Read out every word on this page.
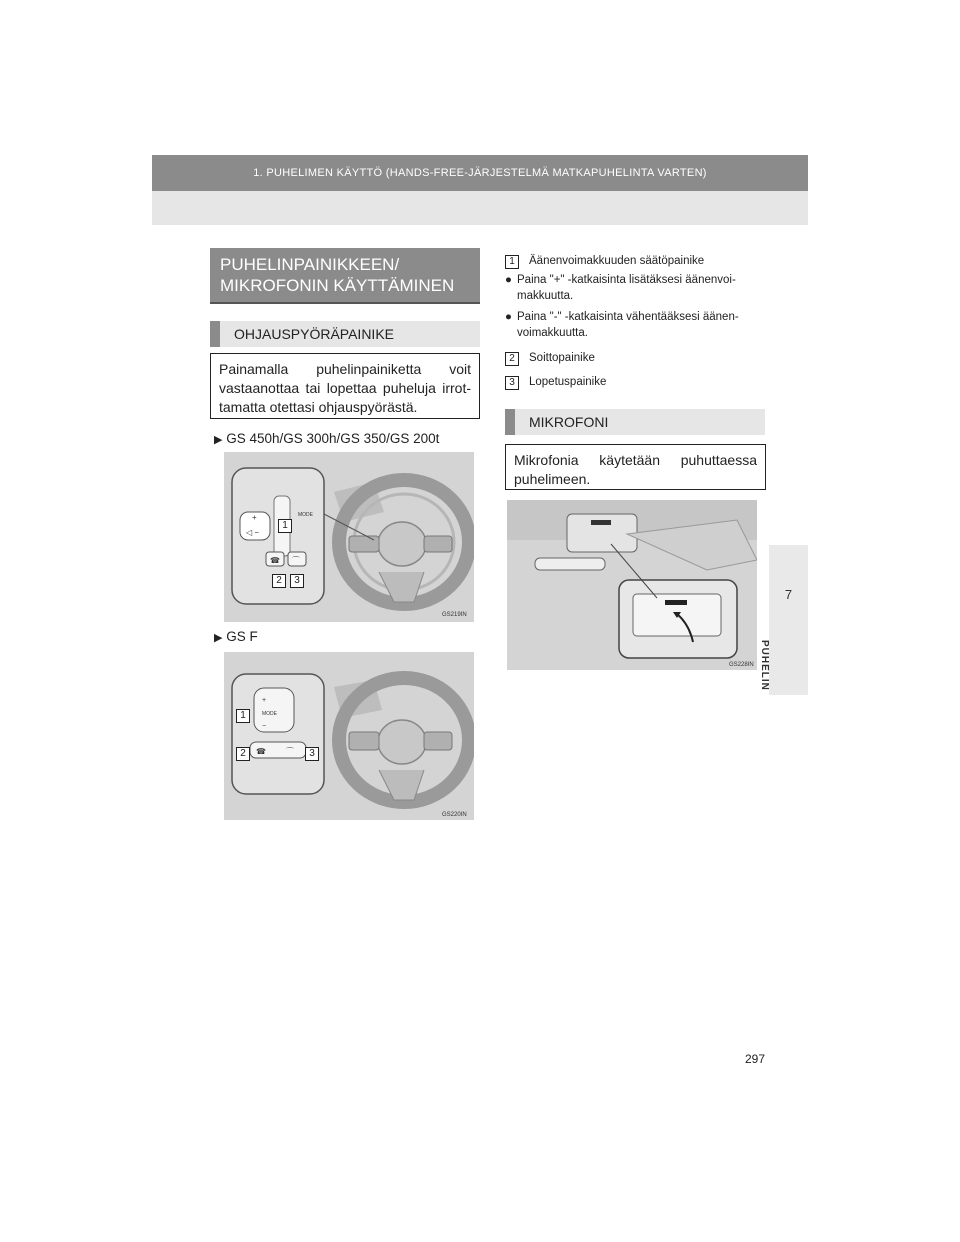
1. PUHELIMEN KÄYTTÖ (HANDS-FREE-JÄRJESTELMÄ MATKAPUHELINTA VARTEN)
7
PUHELIN
PUHELINPAINIKKEEN/
MIKROFONIN KÄYTTÄMINEN
OHJAUSPYÖRÄPAINIKE
Painamalla puhelinpainiketta voit vastaanottaa tai lopettaa puheluja irrot-tamatta otettasi ohjauspyörästä.
▶ GS 450h/GS 300h/GS 350/GS 200t
+
◁ −
MODE
☎ ⌒
1
2	3
GS219IN
▶ GS F
+
MODE
−
☎	⌒
GS220IN
1
2	3
1 Äänenvoimakkuuden säätöpainike
● Paina "+" -katkaisinta lisätäksesi äänenvoi-makkuutta.
● Paina "-" -katkaisinta vähentääksesi äänen-voimakkuutta.
2 Soittopainike
3 Lopetuspainike
MIKROFONI
Mikrofonia käytetään puhuttaessa puhelimeen.
GS228IN
297
